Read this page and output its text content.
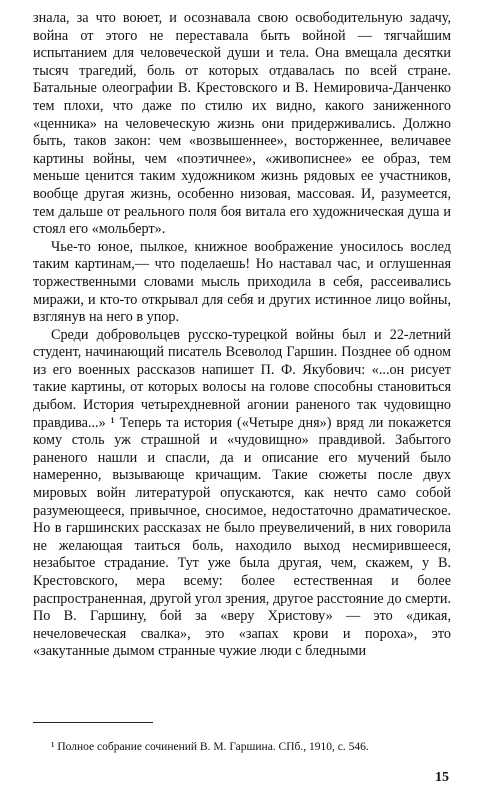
знала, за что воюет, и осознавала свою освободительную задачу, война от этого не переставала быть войной — тягчайшим испытанием для человеческой души и тела. Она вмещала десятки тысяч трагедий, боль от которых отдавалась по всей стране. Батальные олеографии В. Крестовского и В. Немировича-Данченко тем плохи, что даже по стилю их видно, какого заниженного «ценника» на человеческую жизнь они придерживались. Должно быть, таков закон: чем «возвышеннее», восторженнее, величавее картины войны, чем «поэтичнее», «живописнее» ее образ, тем меньше ценится таким художником жизнь рядовых ее участников, вообще другая жизнь, особенно низовая, массовая. И, разумеется, тем дальше от реального поля боя витала его художническая душа и стоял его «мольберт».

Чье-то юное, пылкое, книжное воображение уносилось вослед таким картинам,— что поделаешь! Но наставал час, и оглушенная торжественными словами мысль приходила в себя, рассеивались миражи, и кто-то открывал для себя и других истинное лицо войны, взглянув на него в упор.

Среди добровольцев русско-турецкой войны был и 22-летний студент, начинающий писатель Всеволод Гаршин. Позднее об одном из его военных рассказов напишет П. Ф. Якубович: «...он рисует такие картины, от которых волосы на голове способны становиться дыбом. История четырехдневной агонии раненого так чудовищно правдива...» ¹ Теперь та история («Четыре дня») вряд ли покажется кому столь уж страшной и «чудовищно» правдивой. Забытого раненого нашли и спасли, да и описание его мучений было намеренно, вызывающе кричащим. Такие сюжеты после двух мировых войн литературой опускаются, как нечто само собой разумеющееся, привычное, сносимое, недостаточно драматическое. Но в гаршинских рассказах не было преувеличений, в них говорила не желающая таиться боль, находило выход несмирившееся, незабытое страдание. Тут уже была другая, чем, скажем, у В. Крестовского, мера всему: более естественная и более распространенная, другой угол зрения, другое расстояние до смерти. По В. Гаршину, бой за «веру Христову» — это «дикая, нечеловеческая свалка», это «запах крови и пороха», это «закутанные дымом странные чужие люди с бледными

¹ Полное собрание сочинений В. М. Гаршина. СПб., 1910, с. 546.

15
